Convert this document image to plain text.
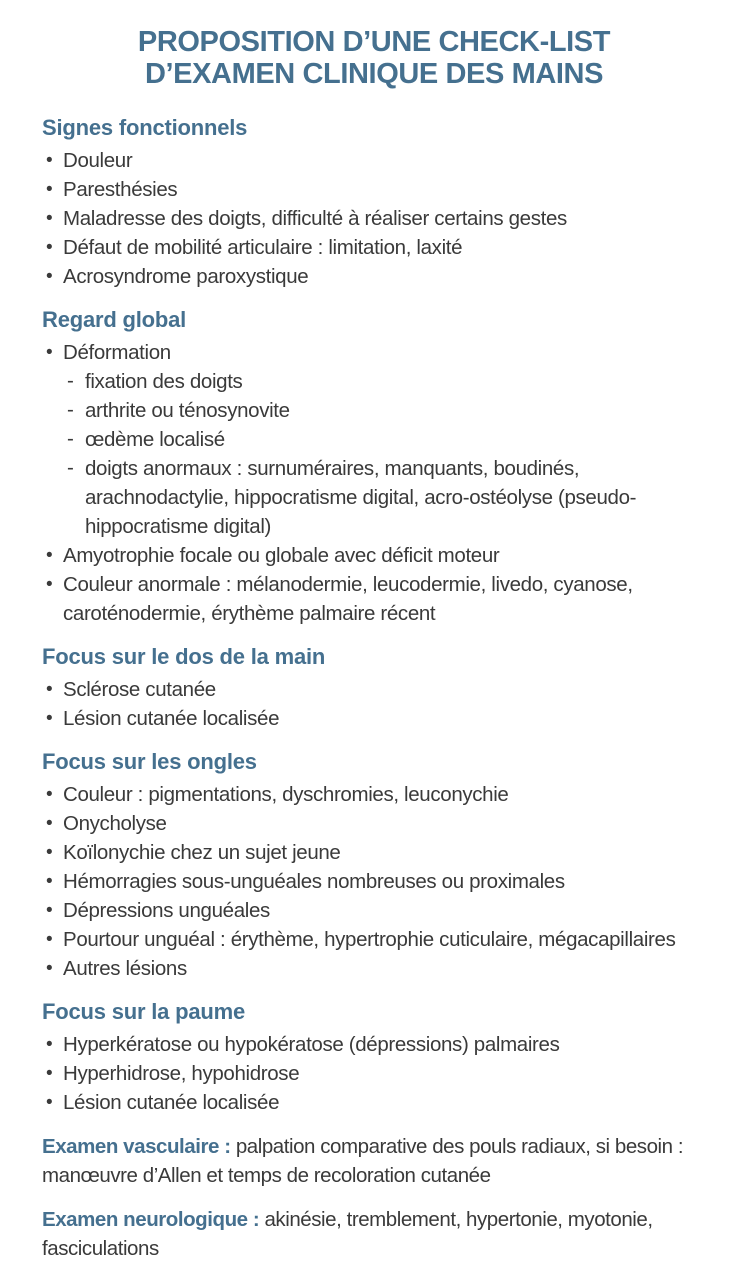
PROPOSITION D’UNE CHECK-LIST
D’EXAMEN CLINIQUE DES MAINS
Signes fonctionnels
• Douleur
• Paresthésies
• Maladresse des doigts, difficulté à réaliser certains gestes
• Défaut de mobilité articulaire : limitation, laxité
• Acrosyndrome paroxystique
Regard global
• Déformation
- fixation des doigts
- arthrite ou ténosynovite
- œdème localisé
- doigts anormaux : surnuméraires, manquants, boudinés, arachnodactylie, hippocratisme digital, acro-ostéolyse (pseudo-hippocratisme digital)
• Amyotrophie focale ou globale avec déficit moteur
• Couleur anormale : mélanodermie, leucodermie, livedo, cyanose, caroténodermie, érythème palmaire récent
Focus sur le dos de la main
• Sclérose cutanée
• Lésion cutanée localisée
Focus sur les ongles
• Couleur : pigmentations, dyschromies, leuconychie
• Onycholyse
• Koïlonychie chez un sujet jeune
• Hémorragies sous-unguéales nombreuses ou proximales
• Dépressions unguéales
• Pourtour unguéal : érythème, hypertrophie cuticulaire, mégacapillaires
• Autres lésions
Focus sur la paume
• Hyperkératose ou hypokératose (dépressions) palmaires
• Hyperhidrose, hypohidrose
• Lésion cutanée localisée

Examen vasculaire : palpation comparative des pouls radiaux, si besoin : manœuvre d’Allen et temps de recoloration cutanée

Examen neurologique : akinésie, tremblement, hypertonie, myotonie, fasciculations
